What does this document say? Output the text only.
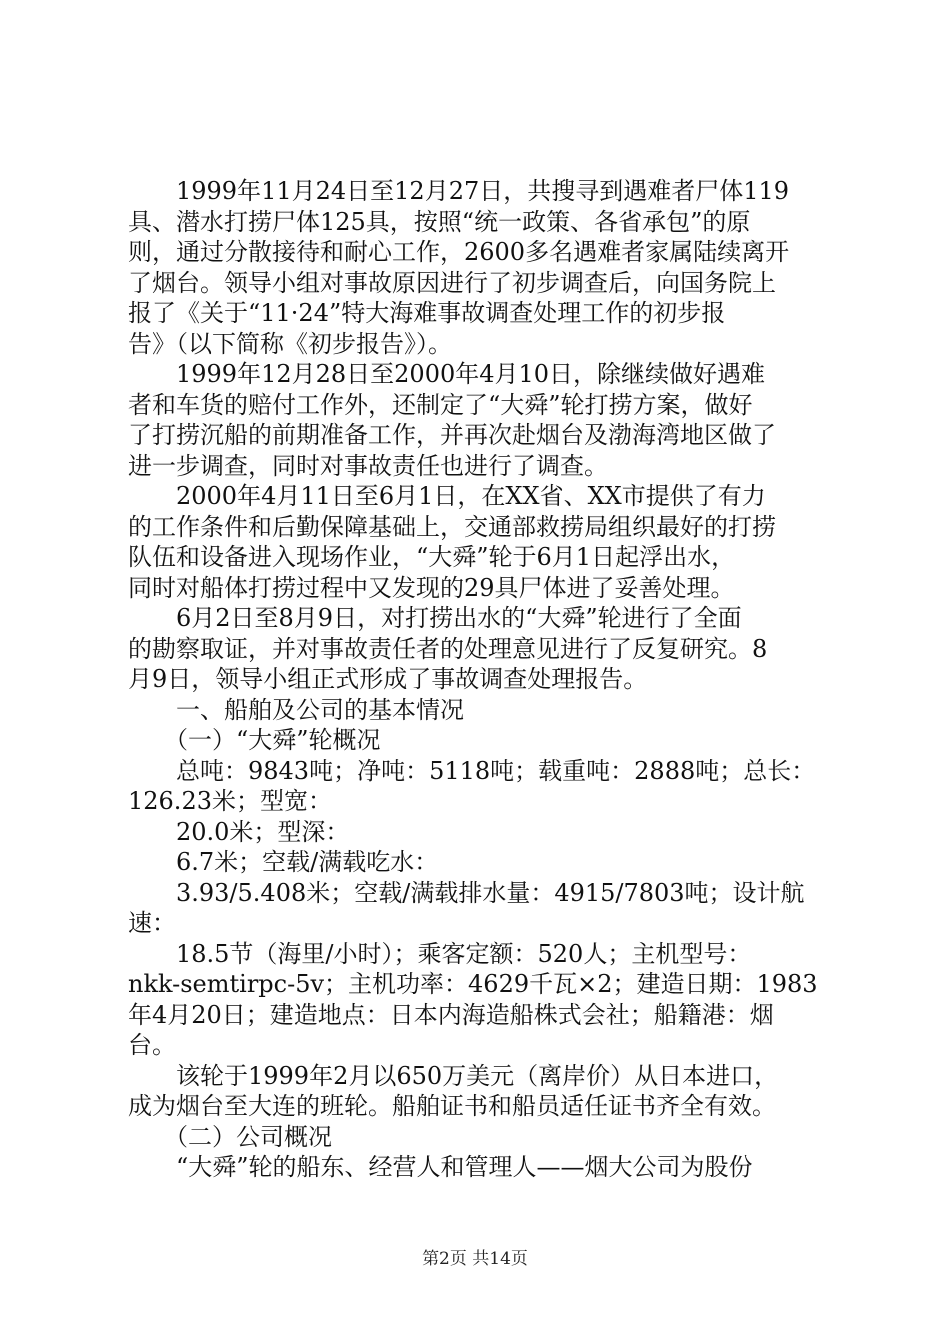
　　1999年11月24日至12月27日，共搜寻到遇难者尸体119
具、潜水打捞尸体125具，按照“统一政策、各省承包”的原
则，通过分散接待和耐心工作，2600多名遇难者家属陆续离开
了烟台。领导小组对事故原因进行了初步调查后，向国务院上
报了《关于“11·24”特大海难事故调查处理工作的初步报
告》（以下简称《初步报告》）。
　　1999年12月28日至2000年4月10日，除继续做好遇难
者和车货的赔付工作外，还制定了“大舜”轮打捞方案，做好
了打捞沉船的前期准备工作，并再次赴烟台及渤海湾地区做了
进一步调查，同时对事故责任也进行了调查。
　　2000年4月11日至6月1日，在XX省、XX市提供了有力
的工作条件和后勤保障基础上，交通部救捞局组织最好的打捞
队伍和设备进入现场作业，“大舜”轮于6月1日起浮出水，
同时对船体打捞过程中又发现的29具尸体进了妥善处理。
　　6月2日至8月9日，对打捞出水的“大舜”轮进行了全面
的勘察取证，并对事故责任者的处理意见进行了反复研究。8
月9日，领导小组正式形成了事故调查处理报告。
　　一、船舶及公司的基本情况
　　（一）“大舜”轮概况
　　总吨：9843吨；净吨：5118吨；载重吨：2888吨；总长：
126.23米；型宽：
　　20.0米；型深：
　　6.7米；空载/满载吃水：
　　3.93/5.408米；空载/满载排水量：4915/7803吨；设计航
速：
　　18.5节（海里/小时）；乘客定额：520人；主机型号：
nkk-semtirpc-5v；主机功率：4629千瓦×2；建造日期：1983
年4月20日；建造地点：日本内海造船株式会社；船籍港：烟
台。
　　该轮于1999年2月以650万美元（离岸价）从日本进口，
成为烟台至大连的班轮。船舶证书和船员适任证书齐全有效。
　　（二）公司概况
　　“大舜”轮的船东、经营人和管理人——烟大公司为股份
第2页 共14页
